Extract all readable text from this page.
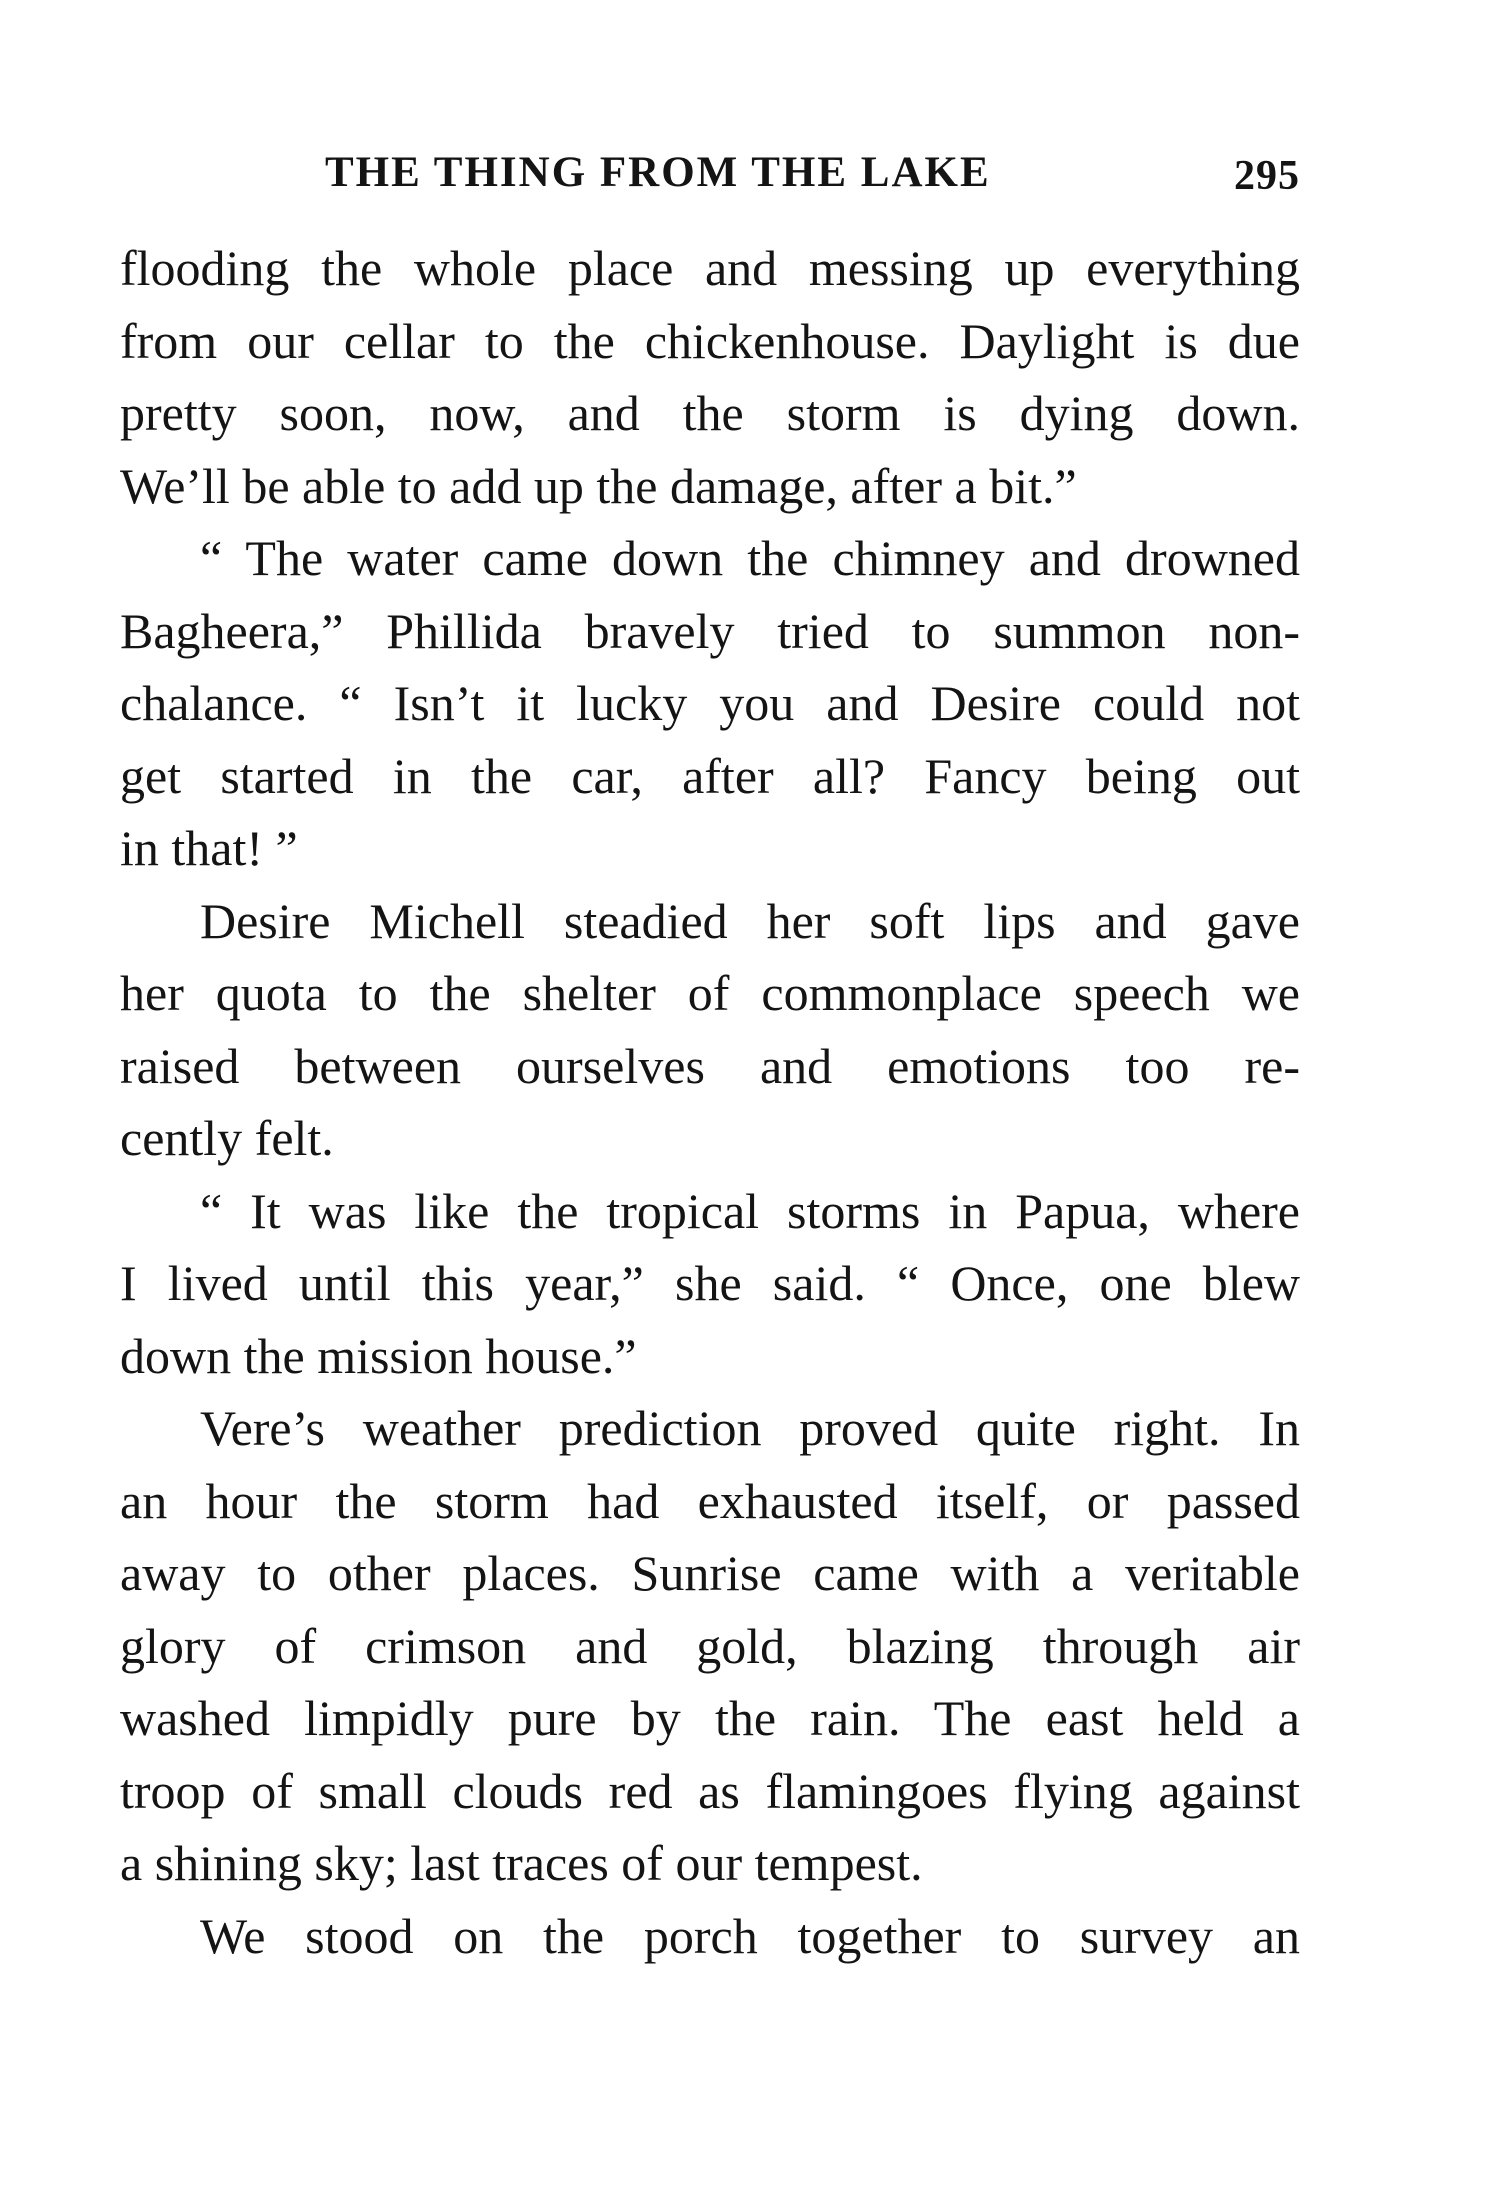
THE THING FROM THE LAKE	295

flooding the whole place and messing up everything
from our cellar to the chickenhouse. Daylight is due
pretty soon, now, and the storm is dying down.
We’ll be able to add up the damage, after a bit.”

“ The water came down the chimney and drowned
Bagheera,” Phillida bravely tried to summon non-
chalance. “ Isn’t it lucky you and Desire could not
get started in the car, after all? Fancy being out
in that! ”

Desire Michell steadied her soft lips and gave
her quota to the shelter of commonplace speech we
raised between ourselves and emotions too re-
cently felt.

“ It was like the tropical storms in Papua, where
I lived until this year,” she said. “ Once, one blew
down the mission house.”

Vere’s weather prediction proved quite right. In
an hour the storm had exhausted itself, or passed
away to other places. Sunrise came with a veritable
glory of crimson and gold, blazing through air
washed limpidly pure by the rain. The east held a
troop of small clouds red as flamingoes flying against
a shining sky; last traces of our tempest.

We stood on the porch together to survey an
